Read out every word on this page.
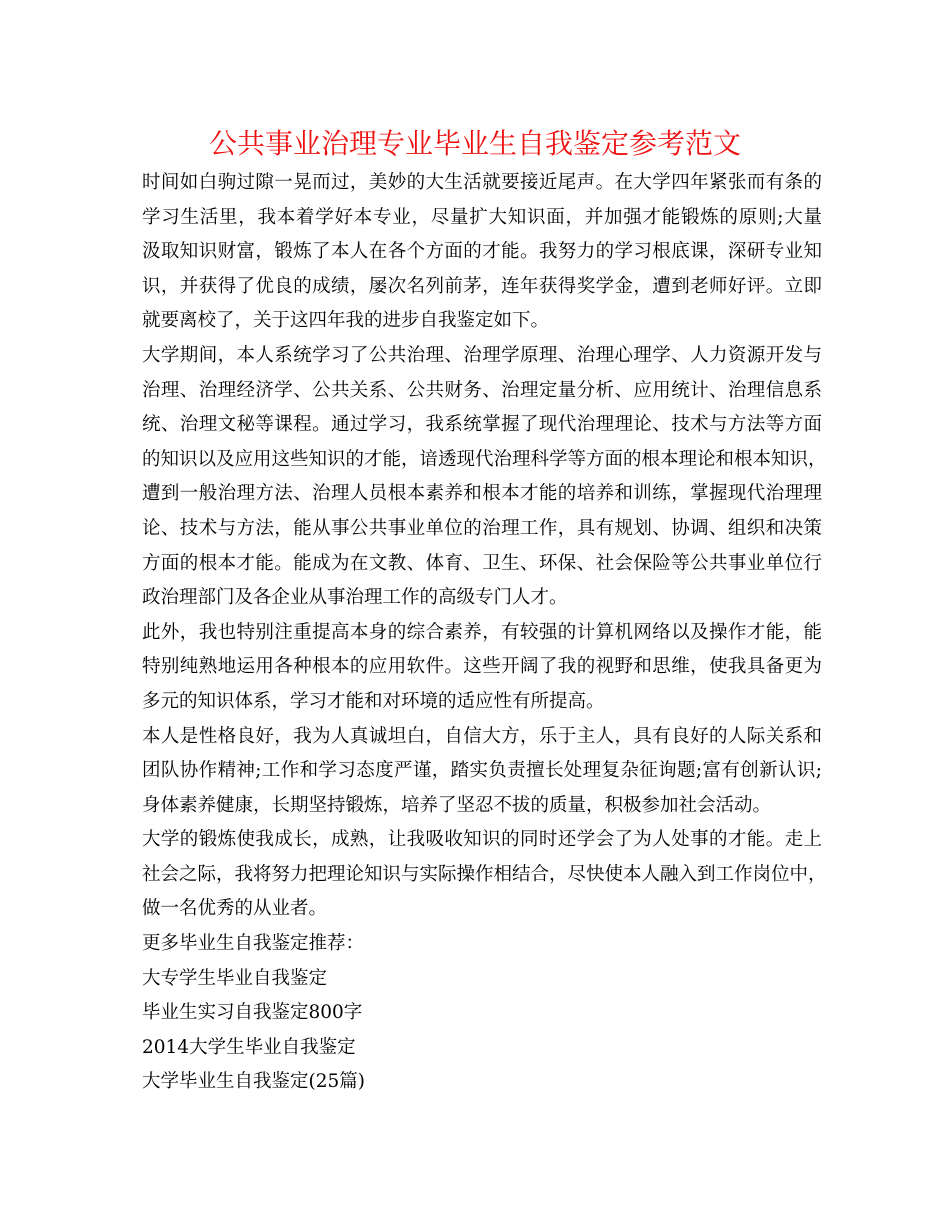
公共事业治理专业毕业生自我鉴定参考范文

时间如白驹过隙一晃而过，美妙的大生活就要接近尾声。在大学四年紧张而有条的
学习生活里，我本着学好本专业，尽量扩大知识面，并加强才能锻炼的原则;大量
汲取知识财富，锻炼了本人在各个方面的才能。我努力的学习根底课，深研专业知
识，并获得了优良的成绩，屡次名列前茅，连年获得奖学金，遭到老师好评。立即
就要离校了，关于这四年我的进步自我鉴定如下。

大学期间，本人系统学习了公共治理、治理学原理、治理心理学、人力资源开发与
治理、治理经济学、公共关系、公共财务、治理定量分析、应用统计、治理信息系
统、治理文秘等课程。通过学习，我系统掌握了现代治理理论、技术与方法等方面
的知识以及应用这些知识的才能，谙透现代治理科学等方面的根本理论和根本知识，
遭到一般治理方法、治理人员根本素养和根本才能的培养和训练，掌握现代治理理
论、技术与方法，能从事公共事业单位的治理工作，具有规划、协调、组织和决策
方面的根本才能。能成为在文教、体育、卫生、环保、社会保险等公共事业单位行
政治理部门及各企业从事治理工作的高级专门人才。

此外，我也特别注重提高本身的综合素养，有较强的计算机网络以及操作才能，能
特别纯熟地运用各种根本的应用软件。这些开阔了我的视野和思维，使我具备更为
多元的知识体系，学习才能和对环境的适应性有所提高。

本人是性格良好，我为人真诚坦白，自信大方，乐于主人，具有良好的人际关系和
团队协作精神;工作和学习态度严谨，踏实负责擅长处理复杂征询题;富有创新认识;
身体素养健康，长期坚持锻炼，培养了坚忍不拔的质量，积极参加社会活动。

大学的锻炼使我成长，成熟，让我吸收知识的同时还学会了为人处事的才能。走上
社会之际，我将努力把理论知识与实际操作相结合，尽快使本人融入到工作岗位中，
做一名优秀的从业者。

更多毕业生自我鉴定推荐：

大专学生毕业自我鉴定

毕业生实习自我鉴定800字

2014大学生毕业自我鉴定

大学毕业生自我鉴定(25篇)
